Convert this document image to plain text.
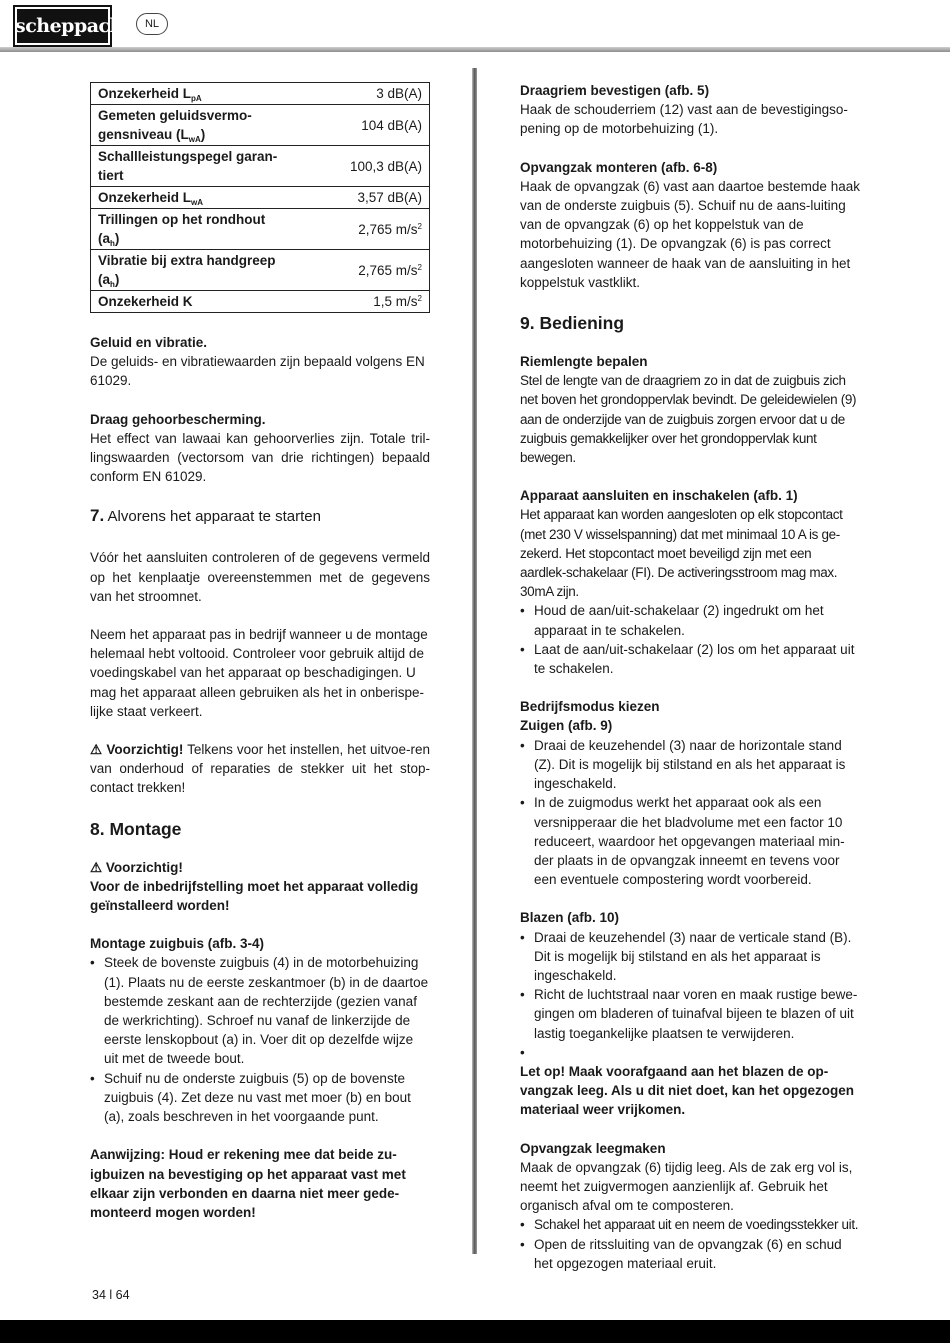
scheppach	NL
Onzekerheid $L_{pA}$	3 dB(A)
Gemeten geluidsvermo-gensniveau $(L_{wA})$	104 dB(A)
Schallleistungspegel garan-tiert	100,3 dB(A)
Onzekerheid $L_{wA}$	3,57 dB(A)
Trillingen op het rondhout $(a_h)$	2,765 $m/s^2$
Vibratie bij extra handgreep $(a_h)$	2,765 $m/s^2$
Onzekerheid K	1,5 $m/s^2$

Geluid en vibratie.

De geluids- en vibratiewaarden zijn bepaald volgens EN 61029.

Draag gehoorbescherming.

Het effect van lawaai kan gehoorverlies zijn. Totale tril-lingswaarden (vectorsom van drie richtingen) bepaald conform EN 61029.

7. Alvorens het apparaat te starten

Vóór het aansluiten controleren of de gegevens vermeld op het kenplaatje overeenstemmen met de gegevens van het stroomnet.

Neem het apparaat pas in bedrijf wanneer u de montage helemaal hebt voltooid. Controleer voor gebruik altijd de voedingskabel van het apparaat op beschadigingen. U mag het apparaat alleen gebruiken als het in onberispe-lijke staat verkeert.

⚠ Voorzichtig! Telkens voor het instellen, het uitvoe-ren van onderhoud of reparaties de stekker uit het stop-contact trekken!

8. Montage

⚠ Voorzichtig!

Voor de inbedrijfstelling moet het apparaat volledig geïnstalleerd worden!

Montage zuigbuis (afb. 3-4)

• Steek de bovenste zuigbuis (4) in de motorbehuizing (1). Plaats nu de eerste zeskantmoer (b) in de daartoe bestemde zeskant aan de rechterzijde (gezien vanaf de werkrichting). Schroef nu vanaf de linkerzijde de eerste lenskopbout (a) in. Voer dit op dezelfde wijze uit met de tweede bout.
• Schuif nu de onderste zuigbuis (5) op de bovenste zuigbuis (4). Zet deze nu vast met moer (b) en bout (a), zoals beschreven in het voorgaande punt.

Aanwijzing: Houd er rekening mee dat beide zu-igbuizen na bevestiging op het apparaat vast met elkaar zijn verbonden en daarna niet meer gede-monteerd mogen worden!

Draagriem bevestigen (afb. 5)

Haak de schouderriem (12) vast aan de bevestigingso-pening op de motorbehuizing (1).

Opvangzak monteren (afb. 6-8)

Haak de opvangzak (6) vast aan daartoe bestemde haak van de onderste zuigbuis (5). Schuif nu de aans-luiting van de opvangzak (6) op het koppelstuk van de motorbehuizing (1). De opvangzak (6) is pas correct aangesloten wanneer de haak van de aansluiting in het koppelstuk vastklikt.

9. Bediening

Riemlengte bepalen

Stel de lengte van de draagriem zo in dat de zuigbuis zich net boven het grondoppervlak bevindt. De geleidewielen (9) aan de onderzijde van de zuigbuis zorgen ervoor dat u de zuigbuis gemakkelijker over het grondoppervlak kunt bewegen.

Apparaat aansluiten en inschakelen (afb. 1)

Het apparaat kan worden aangesloten op elk stopcontact (met 230 V wisselspanning) dat met minimaal 10 A is ge-zekerd. Het stopcontact moet beveiligd zijn met een aardlek-schakelaar (FI). De activeringsstroom mag max. 30mA zijn.

• Houd de aan/uit-schakelaar (2) ingedrukt om het apparaat in te schakelen.
• Laat de aan/uit-schakelaar (2) los om het apparaat uit te schakelen.

Bedrijfsmodus kiezen

Zuigen (afb. 9)

• Draai de keuzehendel (3) naar de horizontale stand (Z). Dit is mogelijk bij stilstand en als het apparaat is ingeschakeld.
• In de zuigmodus werkt het apparaat ook als een versnipperaar die het bladvolume met een factor 10 reduceert, waardoor het opgevangen materiaal min-der plaats in de opvangzak inneemt en tevens voor een eventuele compostering wordt voorbereid.

Blazen (afb. 10)

• Draai de keuzehendel (3) naar de verticale stand (B). Dit is mogelijk bij stilstand en als het apparaat is ingeschakeld.
• Richt de luchtstraal naar voren en maak rustige bewe-gingen om bladeren of tuinafval bijeen te blazen of uit lastig toegankelijke plaatsen te verwijderen.
•

Let op! Maak voorafgaand aan het blazen de op-vangzak leeg. Als u dit niet doet, kan het opgezogen materiaal weer vrijkomen.

Opvangzak leegmaken

Maak de opvangzak (6) tijdig leeg. Als de zak erg vol is, neemt het zuigvermogen aanzienlijk af. Gebruik het organisch afval om te composteren.

• Schakel het apparaat uit en neem de voedingsstekker uit.
• Open de ritssluiting van de opvangzak (6) en schud het opgezogen materiaal eruit.
34 l 64
